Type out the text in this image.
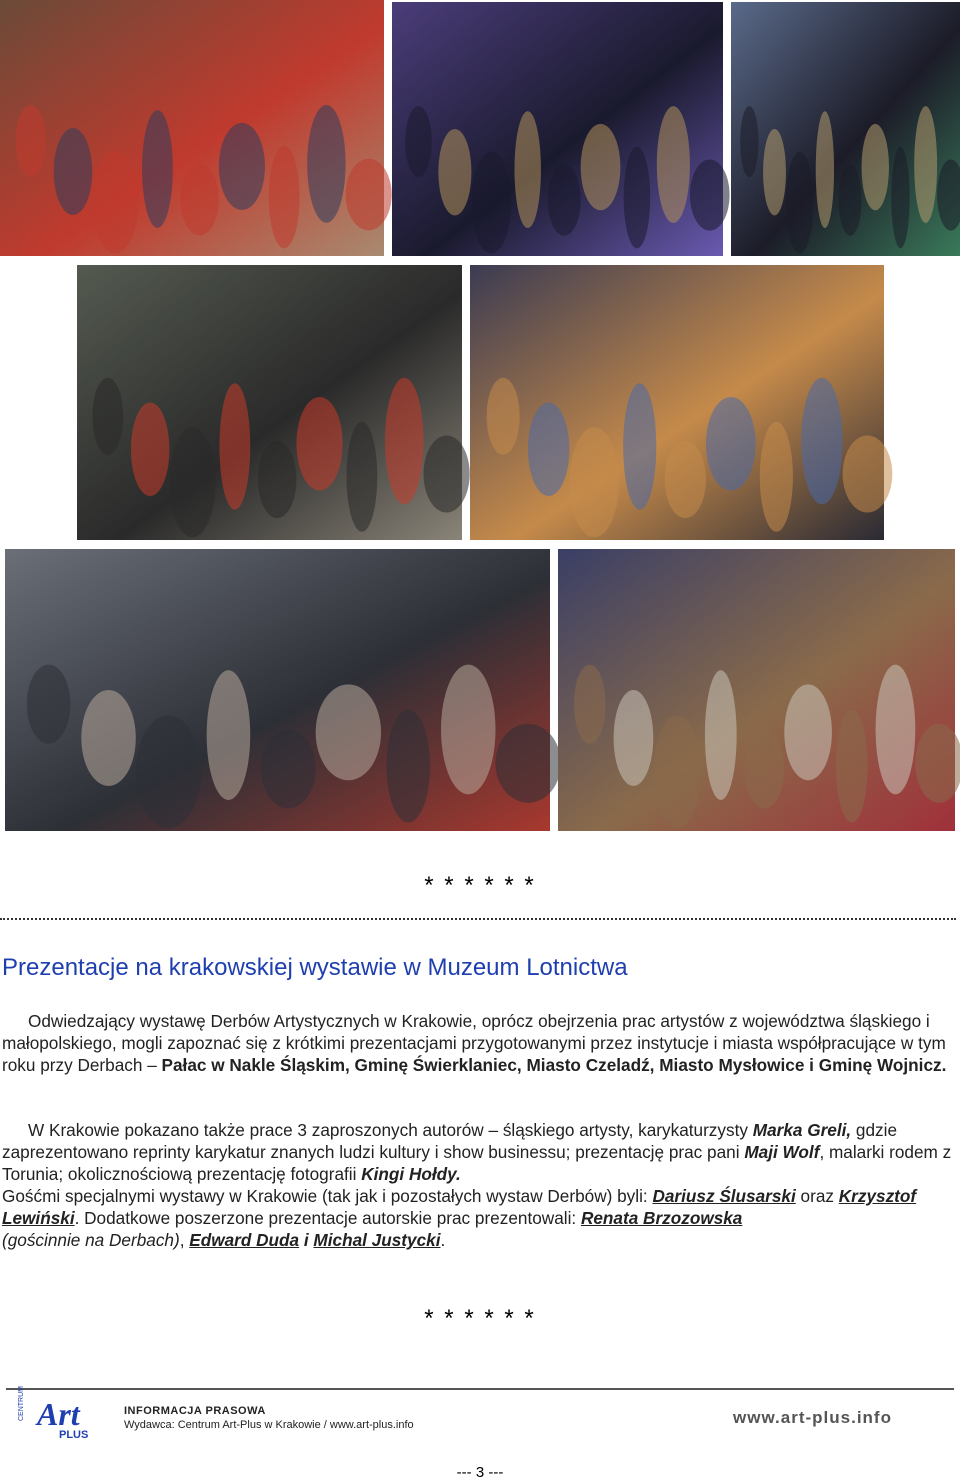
* * * * * *
Prezentacje na krakowskiej wystawie w Muzeum Lotnictwa
Odwiedzający wystawę Derbów Artystycznych w Krakowie, oprócz obejrzenia prac artystów z województwa śląskiego i małopolskiego, mogli zapoznać się z krótkimi prezentacjami przygotowanymi przez instytucje i miasta współpracujące w tym roku przy Derbach – Pałac w Nakle Śląskim, Gminę Świerklaniec, Miasto Czeladź, Miasto Mysłowice i Gminę Wojnicz.
W Krakowie pokazano także prace 3 zaproszonych autorów – śląskiego artysty, karykaturzysty Marka Greli, gdzie zaprezentowano reprinty karykatur znanych ludzi kultury i show businessu; prezentację prac pani Maji Wolf, malarki rodem z Torunia; okolicznościową prezentację fotografii Kingi Hołdy.
Gośćmi specjalnymi wystawy w Krakowie (tak jak i pozostałych wystaw Derbów) byli: Dariusz Ślusarski oraz Krzysztof Lewiński. Dodatkowe poszerzone prezentacje autorskie prac prezentowali: Renata Brzozowska
(gościnnie na Derbach), Edward Duda i Michal Justycki.
* * * * * *
CENTRUM Art
PLUS
INFORMACJA PRASOWA
Wydawca: Centrum Art-Plus w Krakowie / www.art-plus.info	www.art-plus.info
--- 3 ---
